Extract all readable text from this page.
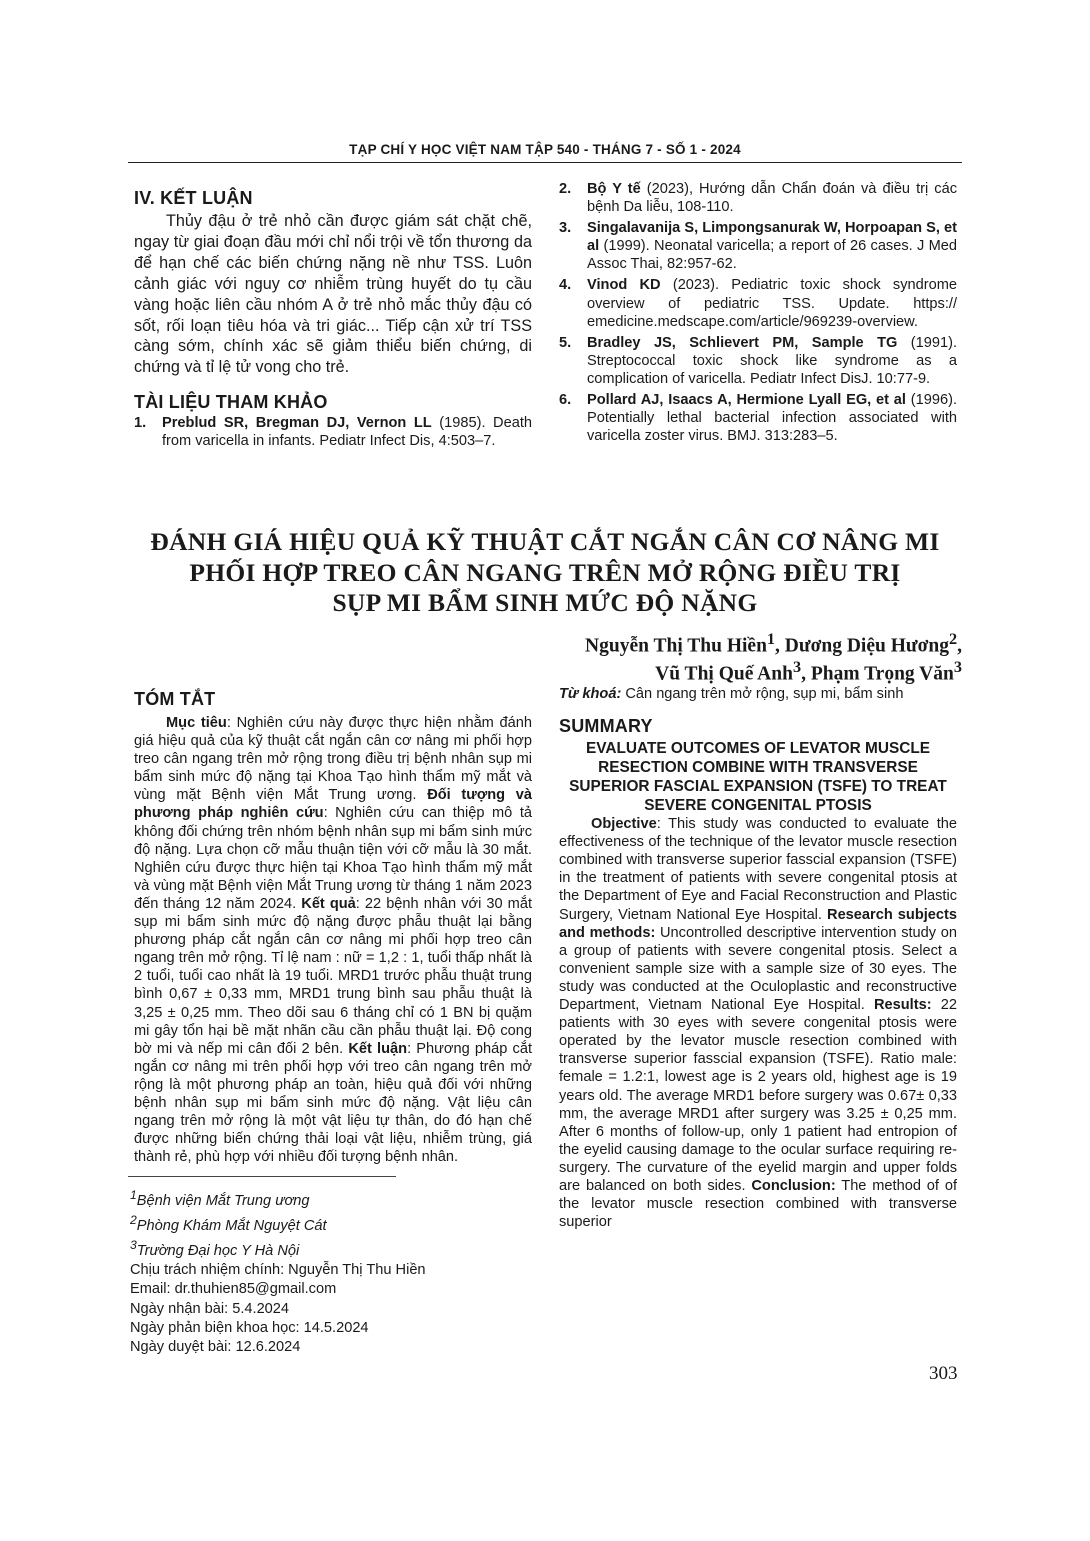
TẠP CHÍ Y HỌC VIỆT NAM TẬP 540 - THÁNG 7 - SỐ 1 - 2024
IV. KẾT LUẬN
Thủy đậu ở trẻ nhỏ cần được giám sát chặt chẽ, ngay từ giai đoạn đầu mới chỉ nổi trội về tổn thương da để hạn chế các biến chứng nặng nề như TSS. Luôn cảnh giác với nguy cơ nhiễm trùng huyết do tụ cầu vàng hoặc liên cầu nhóm A ở trẻ nhỏ mắc thủy đậu có sốt, rối loạn tiêu hóa và tri giác... Tiếp cận xử trí TSS càng sớm, chính xác sẽ giảm thiểu biến chứng, di chứng và tỉ lệ tử vong cho trẻ.
TÀI LIỆU THAM KHẢO

1. Preblud SR, Bregman DJ, Vernon LL (1985). Death from varicella in infants. Pediatr Infect Dis, 4:503–7.

2. Bộ Y tế (2023), Hướng dẫn Chẩn đoán và điều trị các bệnh Da liễu, 108-110.

3. Singalavanija S, Limpongsanurak W, Horpoapan S, et al (1999). Neonatal varicella; a report of 26 cases. J Med Assoc Thai, 82:957-62.

4. Vinod KD (2023). Pediatric toxic shock syndrome overview of pediatric TSS. Update. https:// emedicine.medscape.com/article/969239-overview.

5. Bradley JS, Schlievert PM, Sample TG (1991). Streptococcal toxic shock like syndrome as a complication of varicella. Pediatr Infect DisJ. 10:77-9.

6. Pollard AJ, Isaacs A, Hermione Lyall EG, et al (1996). Potentially lethal bacterial infection associated with varicella zoster virus. BMJ. 313:283–5.

ĐÁNH GIÁ HIỆU QUẢ KỸ THUẬT CẮT NGẮN CÂN CƠ NÂNG MI
PHỐI HỢP TREO CÂN NGANG TRÊN MỞ RỘNG ĐIỀU TRỊ
SỤP MI BẨM SINH MỨC ĐỘ NẶNG
Nguyễn Thị Thu Hiền$^1$, Dương Diệu Hương$^2$,
Vũ Thị Quế Anh$^3$, Phạm Trọng Văn$^3$
TÓM TẮT
Mục tiêu: Nghiên cứu này được thực hiện nhằm đánh giá hiệu quả của kỹ thuật cắt ngắn cân cơ nâng mi phối hợp treo cân ngang trên mở rộng trong điều trị bệnh nhân sụp mi bẩm sinh mức độ nặng tại Khoa Tạo hình thẩm mỹ mắt và vùng mặt Bệnh viện Mắt Trung ương. Đối tượng và phương pháp nghiên cứu: Nghiên cứu can thiệp mô tả không đối chứng trên nhóm bệnh nhân sụp mi bẩm sinh mức độ nặng. Lựa chọn cỡ mẫu thuận tiện với cỡ mẫu là 30 mắt. Nghiên cứu được thực hiện tại Khoa Tạo hình thẩm mỹ mắt và vùng mặt Bệnh viện Mắt Trung ương từ tháng 1 năm 2023 đến tháng 12 năm 2024. Kết quả: 22 bệnh nhân với 30 mắt sụp mi bẩm sinh mức độ nặng được phẫu thuật lại bằng phương pháp cắt ngắn cân cơ nâng mi phối hợp treo cân ngang trên mở rộng. Tỉ lệ nam : nữ = 1,2 : 1, tuổi thấp nhất là 2 tuổi, tuổi cao nhất là 19 tuổi. MRD1 trước phẫu thuật trung bình 0,67 ± 0,33 mm, MRD1 trung bình sau phẫu thuật là 3,25 ± 0,25 mm. Theo dõi sau 6 tháng chỉ có 1 BN bị quặm mi gây tổn hại bề mặt nhãn cầu cần phẫu thuật lại. Độ cong bờ mi và nếp mi cân đối 2 bên. Kết luận: Phương pháp cắt ngắn cơ nâng mi trên phối hợp với treo cân ngang trên mở rộng là một phương pháp an toàn, hiệu quả đối với những bệnh nhân sụp mi bẩm sinh mức độ nặng. Vật liệu cân ngang trên mở rộng là một vật liệu tự thân, do đó hạn chế được những biến chứng thải loại vật liệu, nhiễm trùng, giá thành rẻ, phù hợp với nhiều đối tượng bệnh nhân.
$^1$Bệnh viện Mắt Trung ương
$^2$Phòng Khám Mắt Nguyệt Cát
$^3$Trường Đại học Y Hà Nội
Chịu trách nhiệm chính: Nguyễn Thị Thu Hiền
Email: dr.thuhien85@gmail.com
Ngày nhận bài: 5.4.2024
Ngày phản biện khoa học: 14.5.2024
Ngày duyệt bài: 12.6.2024
Từ khoá: Cân ngang trên mở rộng, sụp mi, bẩm sinh
SUMMARY
EVALUATE OUTCOMES OF LEVATOR MUSCLE RESECTION COMBINE WITH TRANSVERSE SUPERIOR FASCIAL EXPANSION (TSFE) TO TREAT SEVERE CONGENITAL PTOSIS
Objective: This study was conducted to evaluate the effectiveness of the technique of the levator muscle resection combined with transverse superior fasscial expansion (TSFE) in the treatment of patients with severe congenital ptosis at the Department of Eye and Facial Reconstruction and Plastic Surgery, Vietnam National Eye Hospital. Research subjects and methods: Uncontrolled descriptive intervention study on a group of patients with severe congenital ptosis. Select a convenient sample size with a sample size of 30 eyes. The study was conducted at the Oculoplastic and reconstructive Department, Vietnam National Eye Hospital. Results: 22 patients with 30 eyes with severe congenital ptosis were operated by the levator muscle resection combined with transverse superior fasscial expansion (TSFE). Ratio male: female = 1.2:1, lowest age is 2 years old, highest age is 19 years old. The average MRD1 before surgery was 0.67± 0,33 mm, the average MRD1 after surgery was 3.25 ± 0,25 mm. After 6 months of follow-up, only 1 patient had entropion of the eyelid causing damage to the ocular surface requiring re-surgery. The curvature of the eyelid margin and upper folds are balanced on both sides. Conclusion: The method of of the levator muscle resection combined with transverse superior
303
